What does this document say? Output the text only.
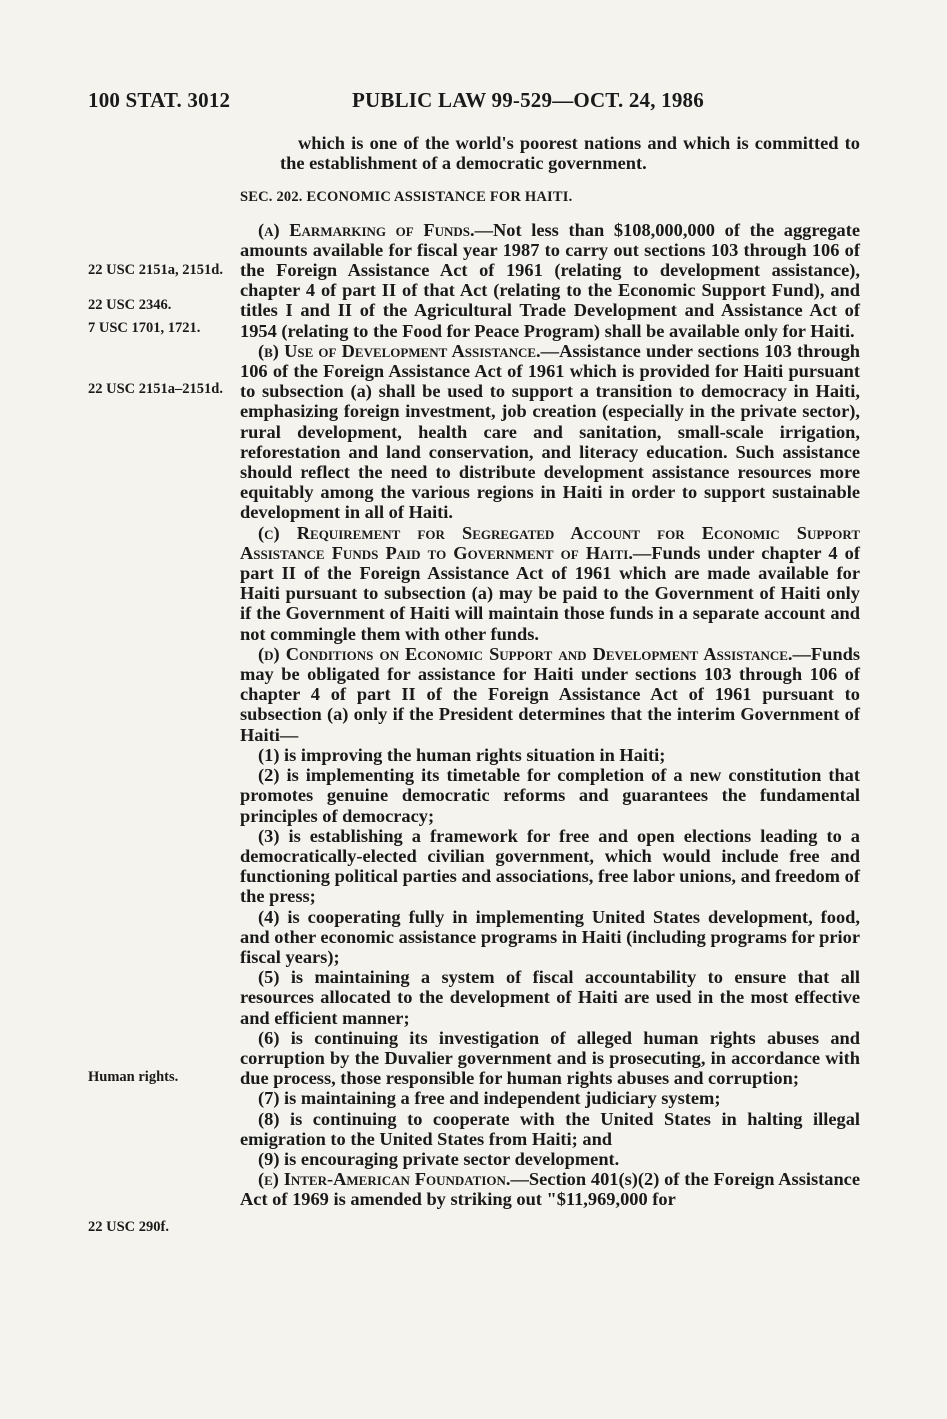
100 STAT. 3012	PUBLIC LAW 99-529—OCT. 24, 1986
22 USC 2151a, 2151d.
22 USC 2346.
7 USC 1701, 1721.
22 USC 2151a–2151d.
Human rights.
22 USC 290f.

which is one of the world's poorest nations and which is committed to the establishment of a democratic government.

SEC. 202. ECONOMIC ASSISTANCE FOR HAITI.

(a) Earmarking of Funds.—Not less than $108,000,000 of the aggregate amounts available for fiscal year 1987 to carry out sections 103 through 106 of the Foreign Assistance Act of 1961 (relating to development assistance), chapter 4 of part II of that Act (relating to the Economic Support Fund), and titles I and II of the Agricultural Trade Development and Assistance Act of 1954 (relating to the Food for Peace Program) shall be available only for Haiti.

(b) Use of Development Assistance.—Assistance under sections 103 through 106 of the Foreign Assistance Act of 1961 which is provided for Haiti pursuant to subsection (a) shall be used to support a transition to democracy in Haiti, emphasizing foreign investment, job creation (especially in the private sector), rural development, health care and sanitation, small-scale irrigation, reforestation and land conservation, and literacy education. Such assistance should reflect the need to distribute development assistance resources more equitably among the various regions in Haiti in order to support sustainable development in all of Haiti.

(c) Requirement for Segregated Account for Economic Support Assistance Funds Paid to Government of Haiti.—Funds under chapter 4 of part II of the Foreign Assistance Act of 1961 which are made available for Haiti pursuant to subsection (a) may be paid to the Government of Haiti only if the Government of Haiti will maintain those funds in a separate account and not commingle them with other funds.

(d) Conditions on Economic Support and Development Assistance.—Funds may be obligated for assistance for Haiti under sections 103 through 106 of chapter 4 of part II of the Foreign Assistance Act of 1961 pursuant to subsection (a) only if the President determines that the interim Government of Haiti—

(1) is improving the human rights situation in Haiti;

(2) is implementing its timetable for completion of a new constitution that promotes genuine democratic reforms and guarantees the fundamental principles of democracy;

(3) is establishing a framework for free and open elections leading to a democratically-elected civilian government, which would include free and functioning political parties and associations, free labor unions, and freedom of the press;

(4) is cooperating fully in implementing United States development, food, and other economic assistance programs in Haiti (including programs for prior fiscal years);

(5) is maintaining a system of fiscal accountability to ensure that all resources allocated to the development of Haiti are used in the most effective and efficient manner;

(6) is continuing its investigation of alleged human rights abuses and corruption by the Duvalier government and is prosecuting, in accordance with due process, those responsible for human rights abuses and corruption;

(7) is maintaining a free and independent judiciary system;

(8) is continuing to cooperate with the United States in halting illegal emigration to the United States from Haiti; and

(9) is encouraging private sector development.

(e) Inter-American Foundation.—Section 401(s)(2) of the Foreign Assistance Act of 1969 is amended by striking out "$11,969,000 for
